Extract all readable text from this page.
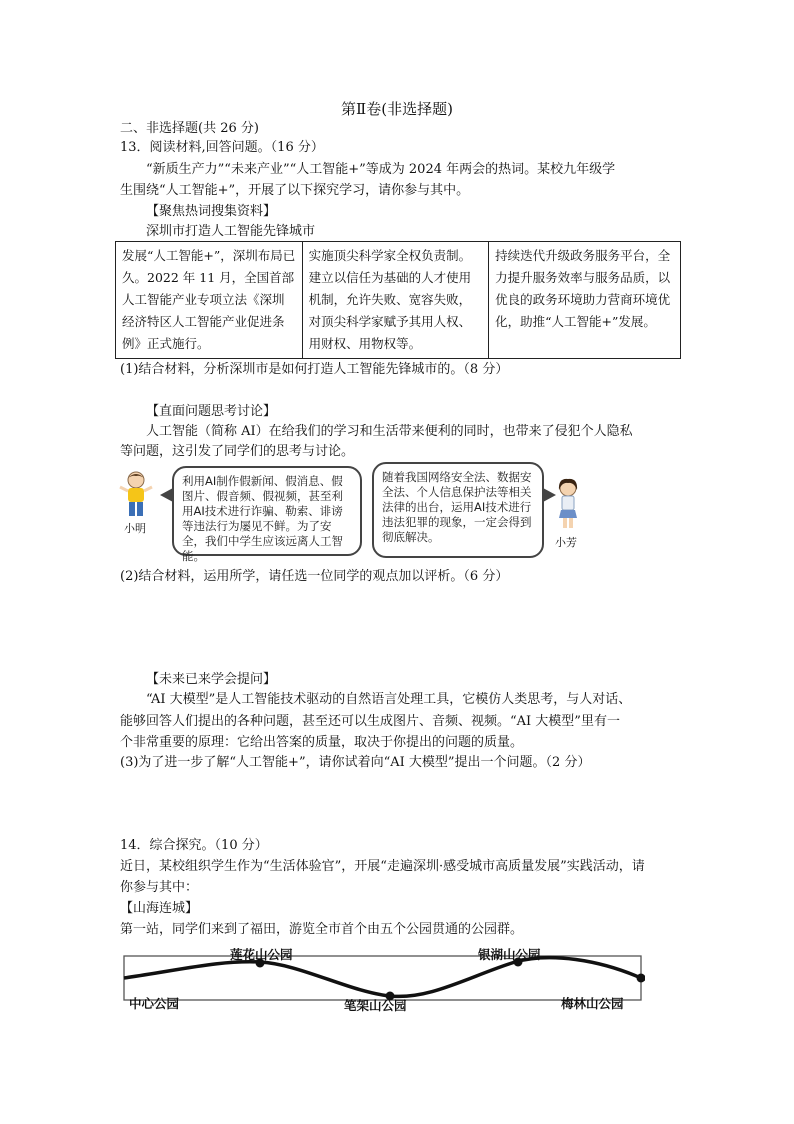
第Ⅱ卷(非选择题)
二、非选择题(共 26 分)
13．阅读材料,回答问题。（16 分）
“新质生产力”“未来产业”“人工智能+”等成为 2024 年两会的热词。某校九年级学
生围绕“人工智能+”，开展了以下探究学习，请你参与其中。
【聚焦热词搜集资料】
深圳市打造人工智能先锋城市
发展“人工智能+”，深圳布局已久。2022 年 11 月，全国首部人工智能产业专项立法《深圳经济特区人工智能产业促进条例》正式施行。	实施顶尖科学家全权负责制。建立以信任为基础的人才使用机制，允许失败、宽容失败，对顶尖科学家赋予其用人权、用财权、用物权等。	持续迭代升级政务服务平台，全力提升服务效率与服务品质，以优良的政务环境助力营商环境优化，助推“人工智能+”发展。
(1)结合材料，分析深圳市是如何打造人工智能先锋城市的。（8 分）
【直面问题思考讨论】
人工智能（简称 AI）在给我们的学习和生活带来便利的同时，也带来了侵犯个人隐私
等问题，这引发了同学们的思考与讨论。
小明
利用AI制作假新闻、假消息、假图片、假音频、假视频，甚至利用AI技术进行诈骗、勒索、诽谤等违法行为屡见不鲜。为了安全，我们中学生应该远离人工智能。
随着我国网络安全法、数据安全法、个人信息保护法等相关法律的出台，运用AI技术进行违法犯罪的现象，一定会得到彻底解决。	小芳
(2)结合材料，运用所学，请任选一位同学的观点加以评析。（6 分）
【未来已来学会提问】
“AI 大模型”是人工智能技术驱动的自然语言处理工具，它模仿人类思考，与人对话、
能够回答人们提出的各种问题，甚至还可以生成图片、音频、视频。“AI 大模型”里有一
个非常重要的原理：它给出答案的质量，取决于你提出的问题的质量。
(3)为了进一步了解“人工智能+”，请你试着向“AI 大模型”提出一个问题。（2 分）
14．综合探究。（10 分）
近日，某校组织学生作为“生活体验官”，开展“走遍深圳·感受城市高质量发展”实践活动，请
你参与其中：
【山海连城】
第一站，同学们来到了福田，游览全市首个由五个公园贯通的公园群。
中心公园
莲花山公园
笔架山公园
银湖山公园
梅林山公园
